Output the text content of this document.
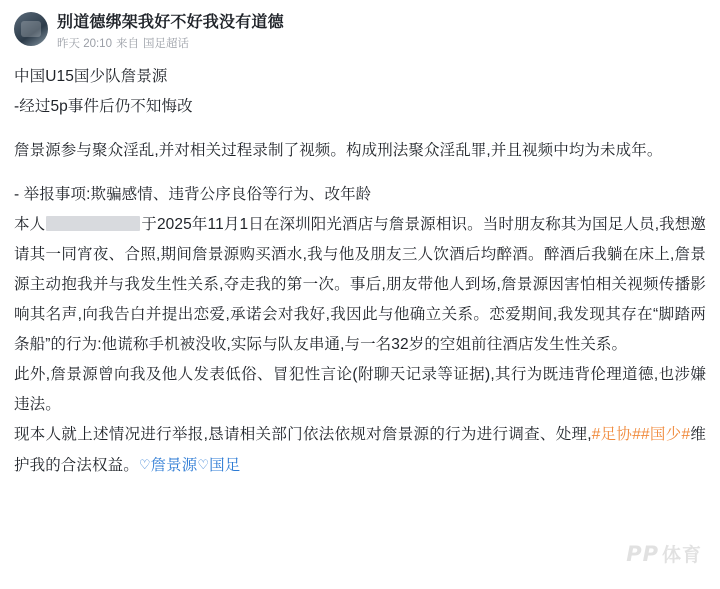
别道德绑架我好不好我没有道德
昨天 20:10 来自 国足超话

中国U15国少队詹景源

-经过5p事件后仍不知悔改

詹景源参与聚众淫乱,并对相关过程录制了视频。构成刑法聚众淫乱罪,并且视频中均为未成年。

- 举报事项:欺骗感情、违背公序良俗等行为、改年龄

本人	于2025年11月1日在深圳阳光酒店与詹景源相识。当时朋友称其为国足人员,我想邀请其一同宵夜、合照,期间詹景源购买酒水,我与他及朋友三人饮酒后均醉酒。醉酒后我躺在床上,詹景源主动抱我并与我发生性关系,夺走我的第一次。事后,朋友带他人到场,詹景源因害怕相关视频传播影响其名声,向我告白并提出恋爱,承诺会对我好,我因此与他确立关系。恋爱期间,我发现其存在“脚踏两条船”的行为:他谎称手机被没收,实际与队友串通,与一名32岁的空姐前往酒店发生性关系。

此外,詹景源曾向我及他人发表低俗、冒犯性言论(附聊天记录等证据),其行为既违背伦理道德,也涉嫌违法。

现本人就上述情况进行举报,恳请相关部门依法依规对詹景源的行为进行调查、处理,#足协##国少#维护我的合法权益。♡詹景源♡国足

PP 体育
